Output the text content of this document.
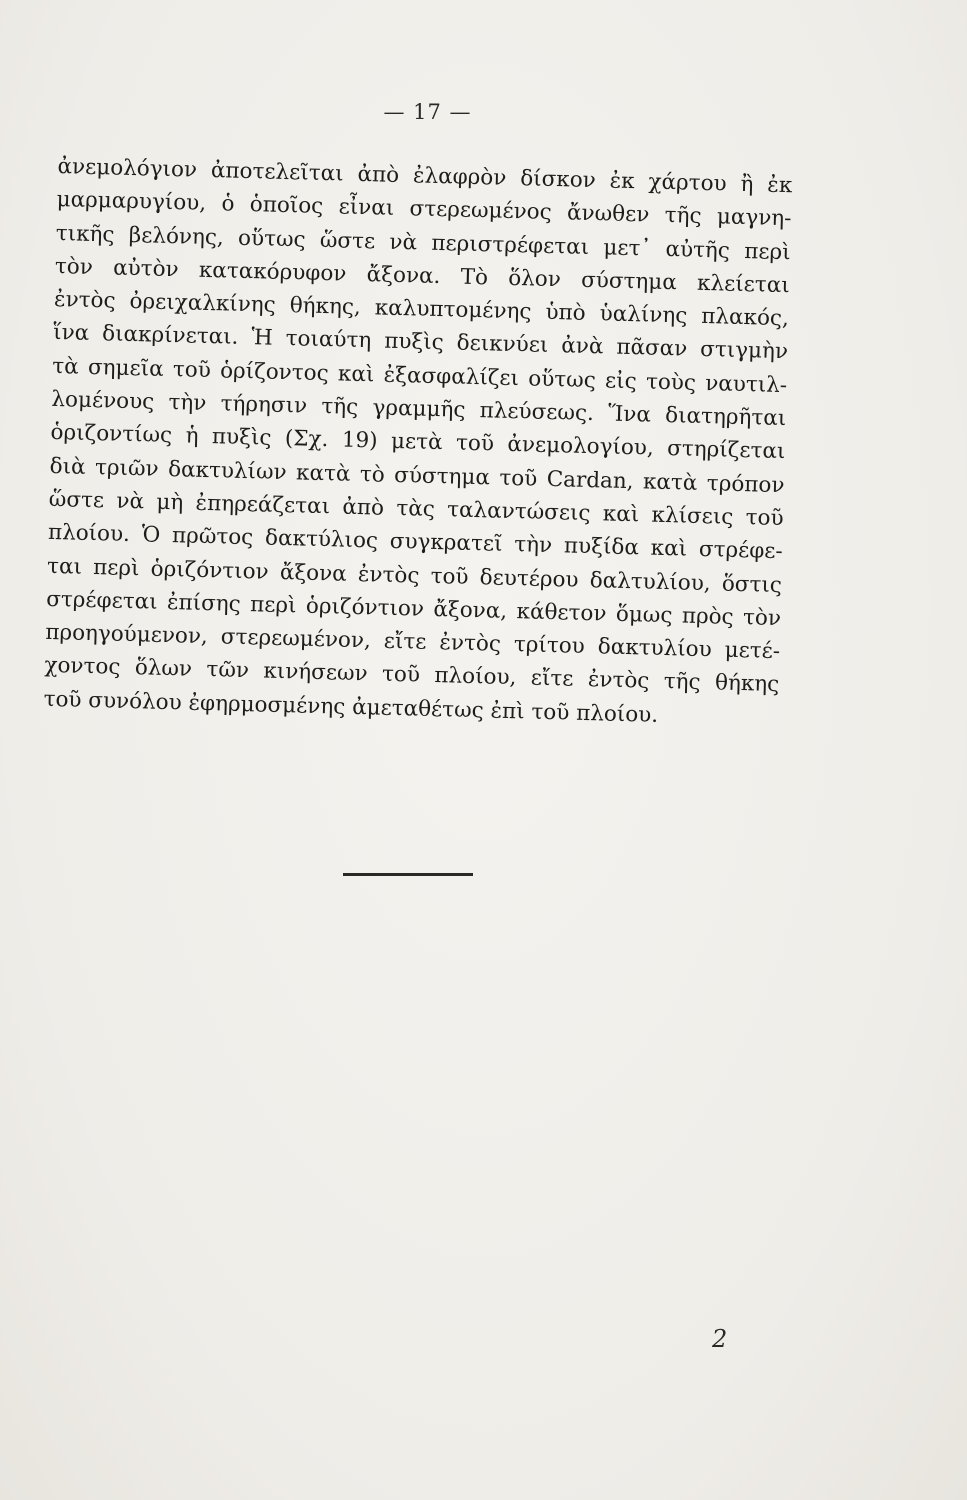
— 17 —
ἀνεμολόγιον ἀποτελεῖται ἀπὸ ἐλαφρὸν δίσκον ἐκ χάρτου ἢ ἐκ
μαρμαρυγίου, ὁ ὁποῖος εἶναι στερεωμένος ἄνωθεν τῆς μαγνη-
τικῆς βελόνης, οὕτως ὥστε νὰ περιστρέφεται μετ᾽ αὐτῆς περὶ
τὸν αὐτὸν κατακόρυφον ἄξονα. Τὸ ὅλον σύστημα κλείεται
ἐντὸς ὀρειχαλκίνης θήκης, καλυπτομένης ὑπὸ ὑαλίνης πλακός,
ἵνα διακρίνεται. Ἡ τοιαύτη πυξὶς δεικνύει ἀνὰ πᾶσαν στιγμὴν
τὰ σημεῖα τοῦ ὁρίζοντος καὶ ἐξασφαλίζει οὕτως εἰς τοὺς ναυτιλ-
λομένους τὴν τήρησιν τῆς γραμμῆς πλεύσεως. Ἵνα διατηρῆται
ὁριζοντίως ἡ πυξὶς (Σχ. 19) μετὰ τοῦ ἀνεμολογίου, στηρίζεται
διὰ τριῶν δακτυλίων κατὰ τὸ σύστημα τοῦ Cardan, κατὰ τρόπον
ὥστε νὰ μὴ ἐπηρεάζεται ἀπὸ τὰς ταλαντώσεις καὶ κλίσεις τοῦ
πλοίου. Ὁ πρῶτος δακτύλιος συγκρατεῖ τὴν πυξίδα καὶ στρέφε-
ται περὶ ὁριζόντιον ἄξονα ἐντὸς τοῦ δευτέρου δαλτυλίου, ὅστις
στρέφεται ἐπίσης περὶ ὁριζόντιον ἄξονα, κάθετον ὅμως πρὸς τὸν
προηγούμενον, στερεωμένον, εἴτε ἐντὸς τρίτου δακτυλίου μετέ-
χοντος ὅλων τῶν κινήσεων τοῦ πλοίου, εἴτε ἐντὸς τῆς θήκης
τοῦ συνόλου ἐφηρμοσμένης ἀμεταθέτως ἐπὶ τοῦ πλοίου.
2
